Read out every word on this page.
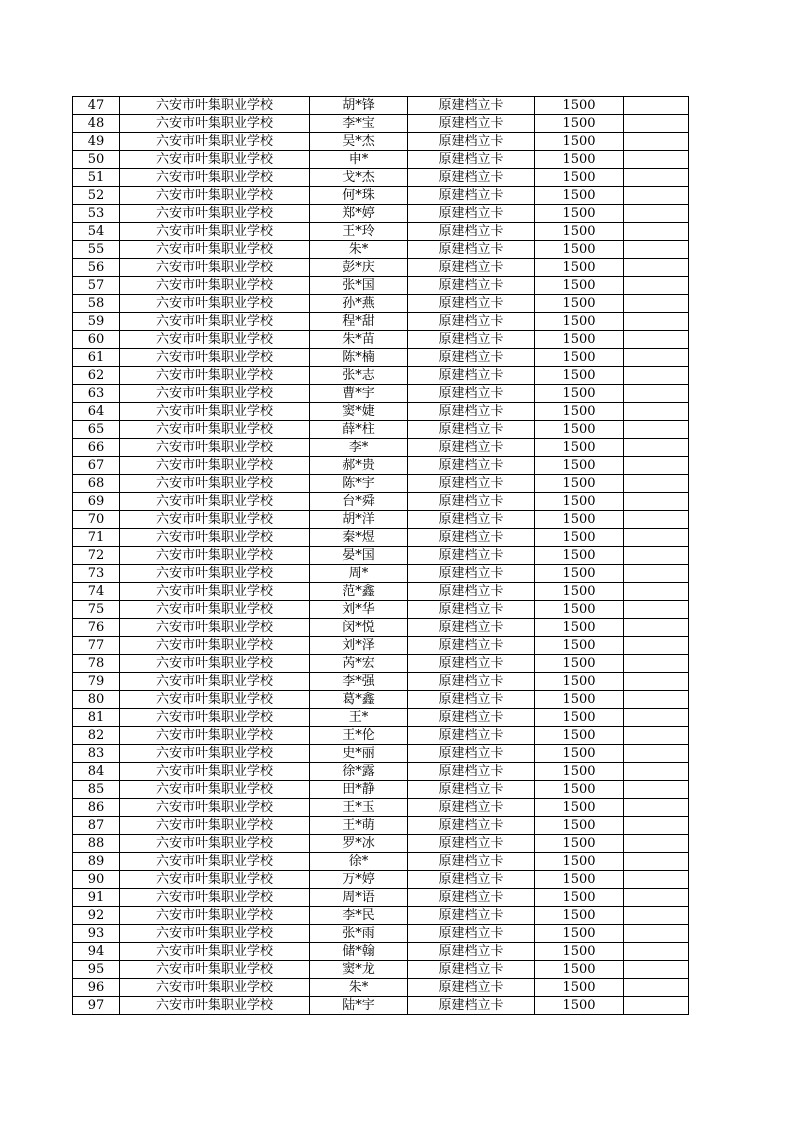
47	六安市叶集职业学校	胡*锋	原建档立卡	1500	
48	六安市叶集职业学校	李*宝	原建档立卡	1500	
49	六安市叶集职业学校	吴*杰	原建档立卡	1500	
50	六安市叶集职业学校	申*	原建档立卡	1500	
51	六安市叶集职业学校	戈*杰	原建档立卡	1500	
52	六安市叶集职业学校	何*珠	原建档立卡	1500	
53	六安市叶集职业学校	郑*婷	原建档立卡	1500	
54	六安市叶集职业学校	王*玲	原建档立卡	1500	
55	六安市叶集职业学校	朱*	原建档立卡	1500	
56	六安市叶集职业学校	彭*庆	原建档立卡	1500	
57	六安市叶集职业学校	张*国	原建档立卡	1500	
58	六安市叶集职业学校	孙*燕	原建档立卡	1500	
59	六安市叶集职业学校	程*甜	原建档立卡	1500	
60	六安市叶集职业学校	朱*苗	原建档立卡	1500	
61	六安市叶集职业学校	陈*楠	原建档立卡	1500	
62	六安市叶集职业学校	张*志	原建档立卡	1500	
63	六安市叶集职业学校	曹*宇	原建档立卡	1500	
64	六安市叶集职业学校	窦*婕	原建档立卡	1500	
65	六安市叶集职业学校	薛*柱	原建档立卡	1500	
66	六安市叶集职业学校	李*	原建档立卡	1500	
67	六安市叶集职业学校	郝*贵	原建档立卡	1500	
68	六安市叶集职业学校	陈*宇	原建档立卡	1500	
69	六安市叶集职业学校	台*舜	原建档立卡	1500	
70	六安市叶集职业学校	胡*洋	原建档立卡	1500	
71	六安市叶集职业学校	秦*煜	原建档立卡	1500	
72	六安市叶集职业学校	晏*国	原建档立卡	1500	
73	六安市叶集职业学校	周*	原建档立卡	1500	
74	六安市叶集职业学校	范*鑫	原建档立卡	1500	
75	六安市叶集职业学校	刘*华	原建档立卡	1500	
76	六安市叶集职业学校	闵*悦	原建档立卡	1500	
77	六安市叶集职业学校	刘*泽	原建档立卡	1500	
78	六安市叶集职业学校	芮*宏	原建档立卡	1500	
79	六安市叶集职业学校	李*强	原建档立卡	1500	
80	六安市叶集职业学校	葛*鑫	原建档立卡	1500	
81	六安市叶集职业学校	王*	原建档立卡	1500	
82	六安市叶集职业学校	王*伦	原建档立卡	1500	
83	六安市叶集职业学校	史*丽	原建档立卡	1500	
84	六安市叶集职业学校	徐*露	原建档立卡	1500	
85	六安市叶集职业学校	田*静	原建档立卡	1500	
86	六安市叶集职业学校	王*玉	原建档立卡	1500	
87	六安市叶集职业学校	王*萌	原建档立卡	1500	
88	六安市叶集职业学校	罗*冰	原建档立卡	1500	
89	六安市叶集职业学校	徐*	原建档立卡	1500	
90	六安市叶集职业学校	万*婷	原建档立卡	1500	
91	六安市叶集职业学校	周*语	原建档立卡	1500	
92	六安市叶集职业学校	李*民	原建档立卡	1500	
93	六安市叶集职业学校	张*雨	原建档立卡	1500	
94	六安市叶集职业学校	储*翰	原建档立卡	1500	
95	六安市叶集职业学校	窦*龙	原建档立卡	1500	
96	六安市叶集职业学校	朱*	原建档立卡	1500	
97	六安市叶集职业学校	陆*宇	原建档立卡	1500	
